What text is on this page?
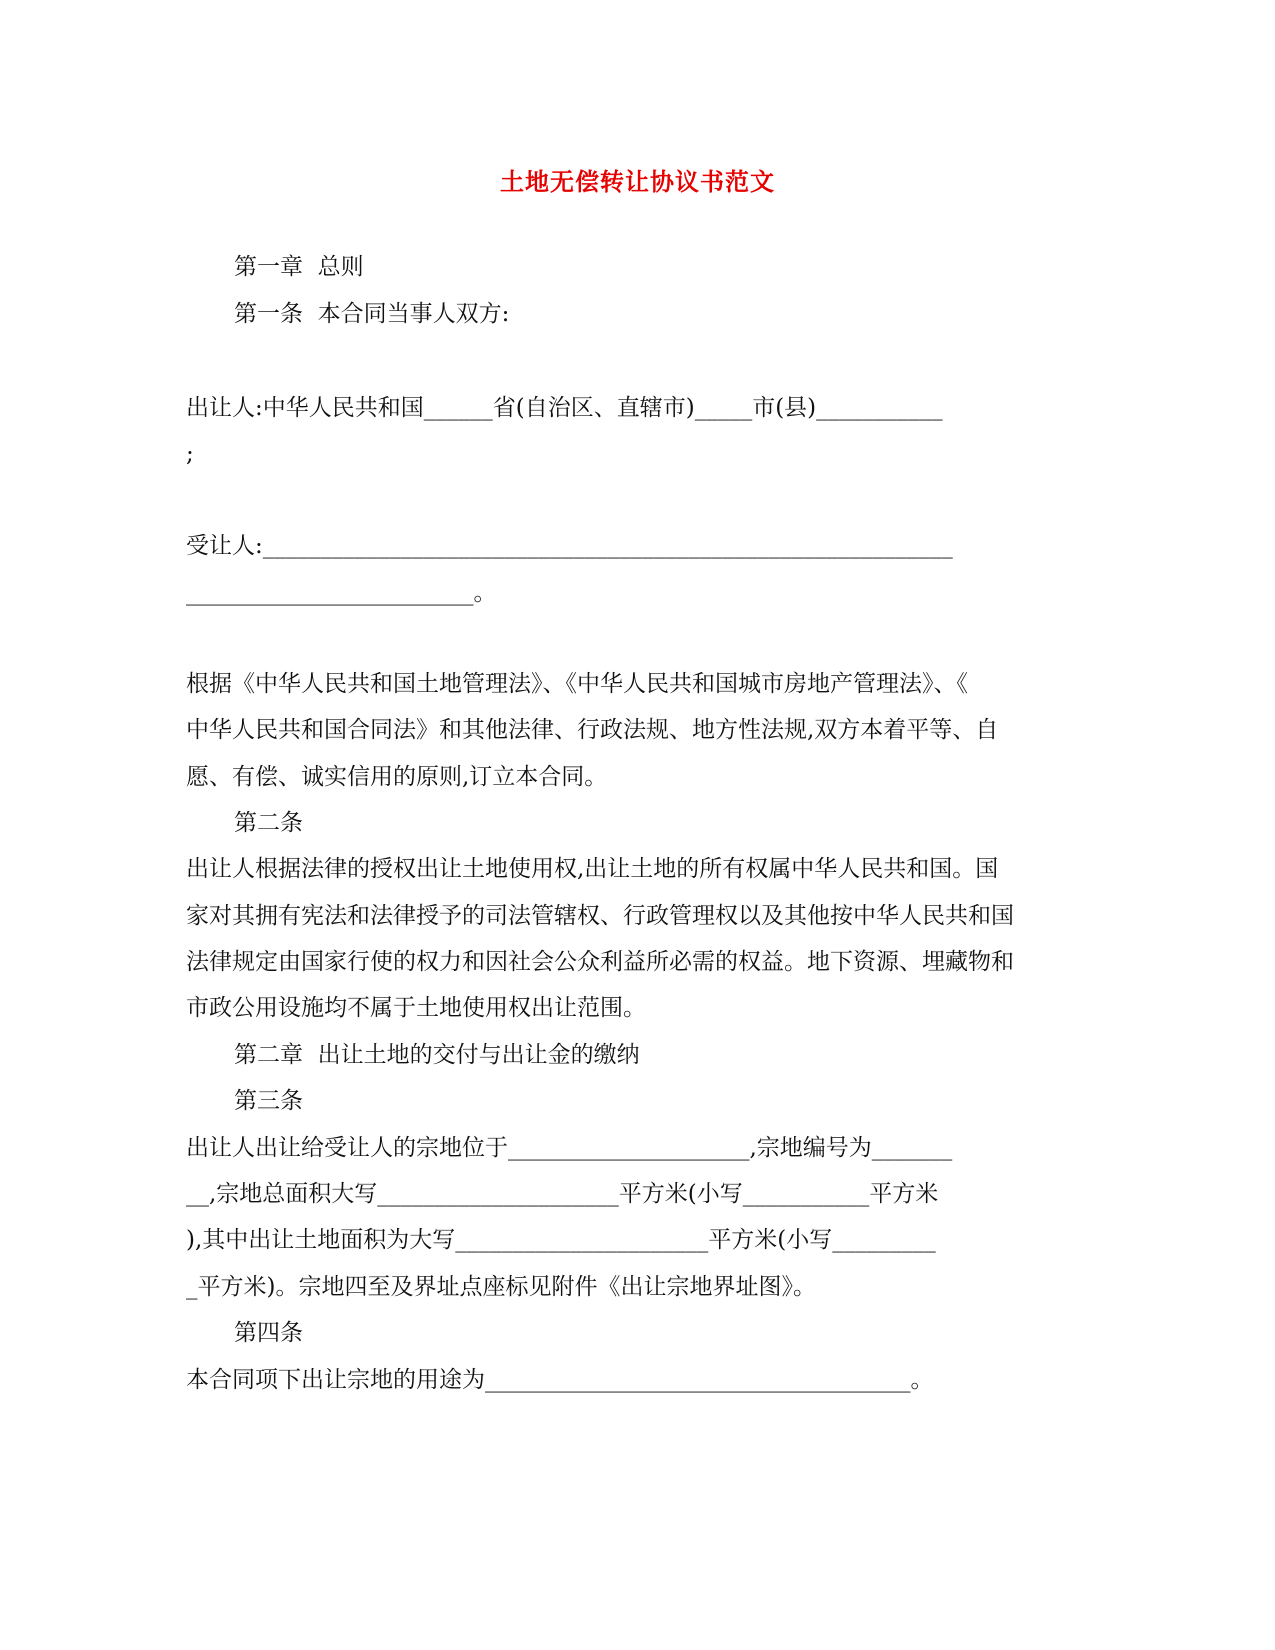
土地无偿转让协议书范文
第一章  总则
第一条  本合同当事人双方:
出让人:中华人民共和国______省(自治区、直辖市)_____市(县)___________
;
受让人:____________________________________________________________
_________________________。
根据《中华人民共和国土地管理法》、《中华人民共和国城市房地产管理法》、《
中华人民共和国合同法》和其他法律、行政法规、地方性法规,双方本着平等、自
愿、有偿、诚实信用的原则,订立本合同。
第二条
出让人根据法律的授权出让土地使用权,出让土地的所有权属中华人民共和国。国
家对其拥有宪法和法律授予的司法管辖权、行政管理权以及其他按中华人民共和国
法律规定由国家行使的权力和因社会公众利益所必需的权益。地下资源、埋藏物和
市政公用设施均不属于土地使用权出让范围。
第二章  出让土地的交付与出让金的缴纳
第三条
出让人出让给受让人的宗地位于_____________________,宗地编号为_______
__,宗地总面积大写_____________________平方米(小写___________平方米
),其中出让土地面积为大写______________________平方米(小写_________
_平方米)。宗地四至及界址点座标见附件《出让宗地界址图》。
第四条
本合同项下出让宗地的用途为_____________________________________。
